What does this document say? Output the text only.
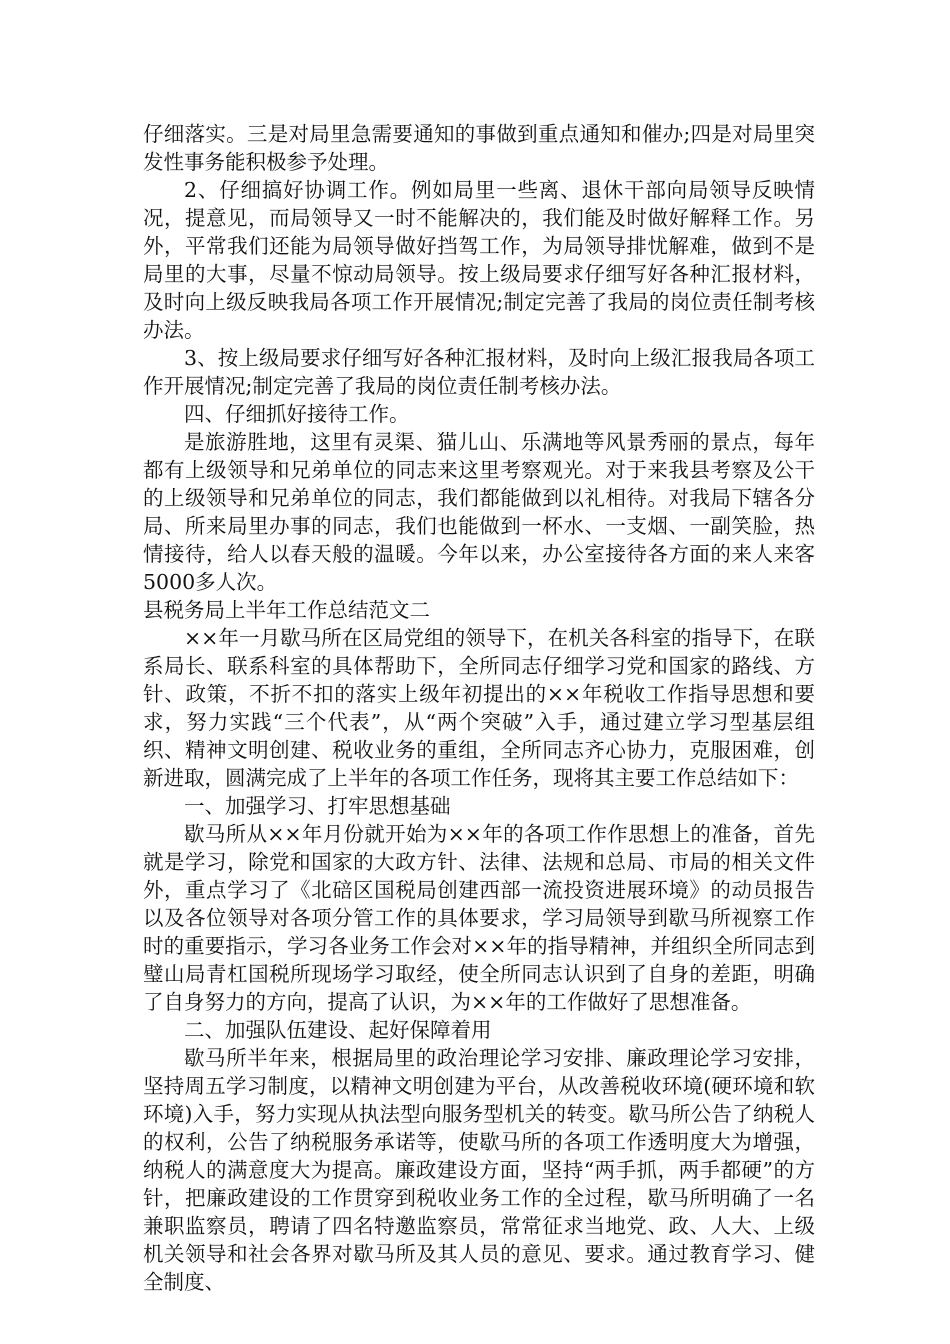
仔细落实。三是对局里急需要通知的事做到重点通知和催办;四是对局里突发性事务能积极参予处理。

2、仔细搞好协调工作。例如局里一些离、退休干部向局领导反映情况，提意见，而局领导又一时不能解决的，我们能及时做好解释工作。另外，平常我们还能为局领导做好挡驾工作，为局领导排忧解难，做到不是局里的大事，尽量不惊动局领导。按上级局要求仔细写好各种汇报材料，及时向上级反映我局各项工作开展情况;制定完善了我局的岗位责任制考核办法。

3、按上级局要求仔细写好各种汇报材料，及时向上级汇报我局各项工作开展情况;制定完善了我局的岗位责任制考核办法。

四、仔细抓好接待工作。

是旅游胜地，这里有灵渠、猫儿山、乐满地等风景秀丽的景点，每年都有上级领导和兄弟单位的同志来这里考察观光。对于来我县考察及公干的上级领导和兄弟单位的同志，我们都能做到以礼相待。对我局下辖各分局、所来局里办事的同志，我们也能做到一杯水、一支烟、一副笑脸，热情接待，给人以春天般的温暖。今年以来，办公室接待各方面的来人来客5000多人次。

县税务局上半年工作总结范文二

××年一月歇马所在区局党组的领导下，在机关各科室的指导下，在联系局长、联系科室的具体帮助下，全所同志仔细学习党和国家的路线、方针、政策，不折不扣的落实上级年初提出的××年税收工作指导思想和要求，努力实践“三个代表”，从“两个突破”入手，通过建立学习型基层组织、精神文明创建、税收业务的重组，全所同志齐心协力，克服困难，创新进取，圆满完成了上半年的各项工作任务，现将其主要工作总结如下：

一、加强学习、打牢思想基础

歇马所从××年月份就开始为××年的各项工作作思想上的准备，首先就是学习，除党和国家的大政方针、法律、法规和总局、市局的相关文件外，重点学习了《北碚区国税局创建西部一流投资进展环境》的动员报告以及各位领导对各项分管工作的具体要求，学习局领导到歇马所视察工作时的重要指示，学习各业务工作会对××年的指导精神，并组织全所同志到璧山局青杠国税所现场学习取经，使全所同志认识到了自身的差距，明确了自身努力的方向，提高了认识，为××年的工作做好了思想准备。

二、加强队伍建设、起好保障着用

歇马所半年来，根据局里的政治理论学习安排、廉政理论学习安排，坚持周五学习制度，以精神文明创建为平台，从改善税收环境(硬环境和软环境)入手，努力实现从执法型向服务型机关的转变。歇马所公告了纳税人的权利，公告了纳税服务承诺等，使歇马所的各项工作透明度大为增强，纳税人的满意度大为提高。廉政建设方面，坚持“两手抓，两手都硬”的方针，把廉政建设的工作贯穿到税收业务工作的全过程，歇马所明确了一名兼职监察员，聘请了四名特邀监察员，常常征求当地党、政、人大、上级机关领导和社会各界对歇马所及其人员的意见、要求。通过教育学习、健全制度、
